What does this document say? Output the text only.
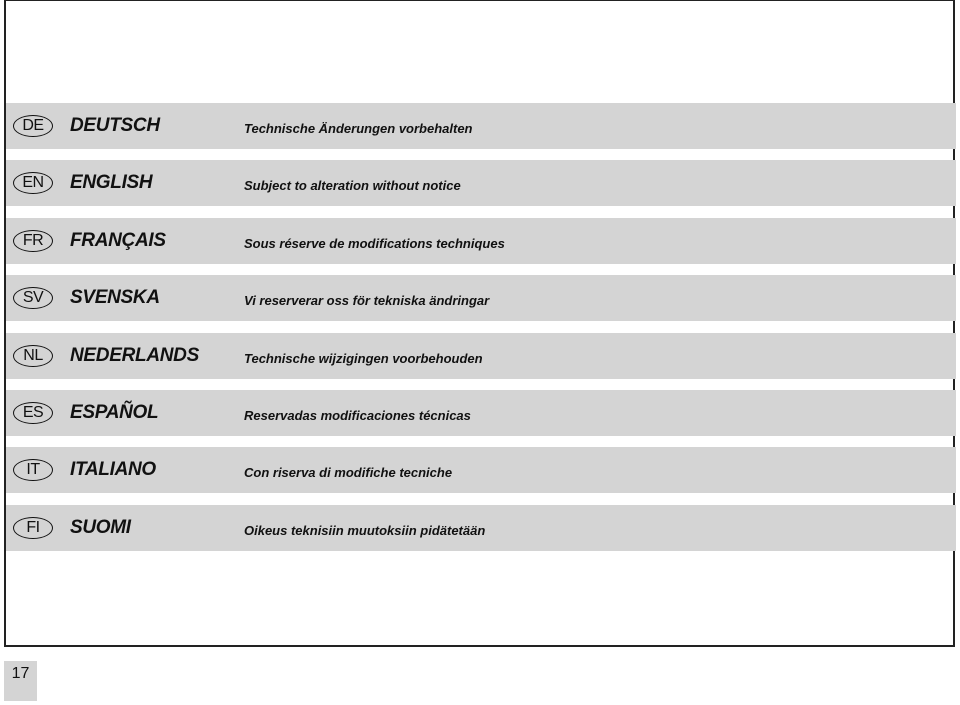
DE	DEUTSCH	Technische Änderungen vorbehalten
EN	ENGLISH	Subject to alteration without notice
FR	FRANÇAIS	Sous réserve de modifications techniques
SV	SVENSKA	Vi reserverar oss för tekniska ändringar
NL	NEDERLANDS	Technische wijzigingen voorbehouden
ES	ESPAÑOL	Reservadas modificaciones técnicas
IT	ITALIANO	Con riserva di modifiche tecniche
FI	SUOMI	Oikeus teknisiin muutoksiin pidätetään
17
